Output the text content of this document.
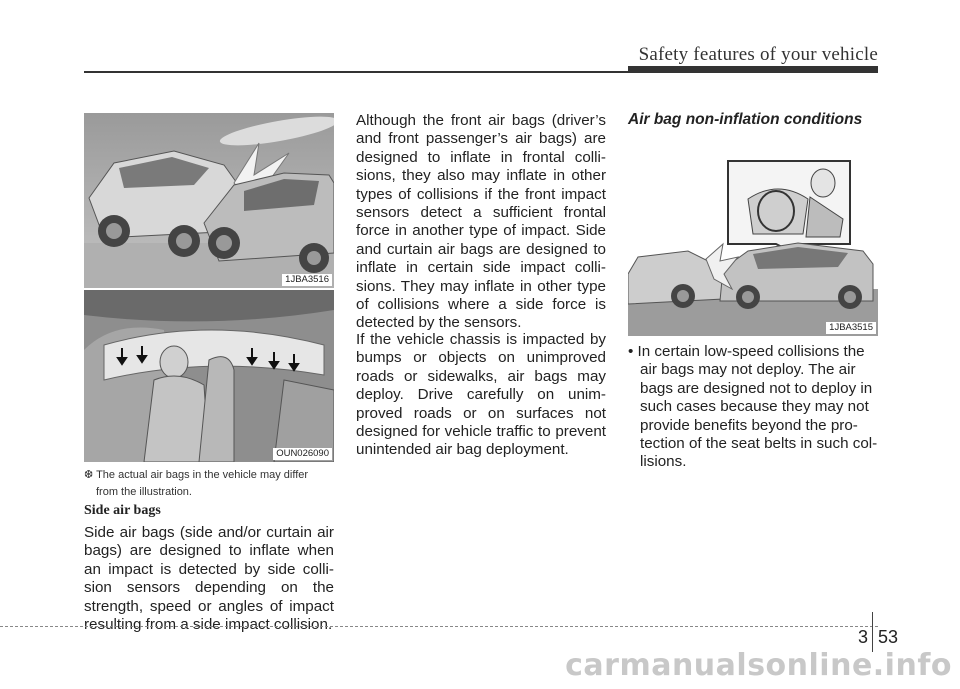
Safety features of your vehicle
1JBA3516
OUN026090
❆ The actual air bags in the vehicle may differ
from the illustration.
Side air bags
Side air bags (side and/or curtain air
bags) are designed to inflate when
an impact is detected by side colli-
sion sensors depending on the
strength, speed or angles of impact
resulting from a side impact collision.
Although the front air bags (driver’s
and front passenger’s air bags) are
designed to inflate in frontal colli-
sions, they also may inflate in other
types of collisions if the front impact
sensors detect a sufficient frontal
force in another type of impact. Side
and curtain air bags are designed to
inflate in certain side impact colli-
sions. They may inflate in other type
of collisions where a side force is
detected by the sensors.
If the vehicle chassis is impacted by
bumps or objects on unimproved
roads or sidewalks, air bags may
deploy. Drive carefully on unim-
proved roads or on surfaces not
designed for vehicle traffic to prevent
unintended air bag deployment.
Air bag non-inflation conditions
1JBA3515
• In certain low-speed collisions the
air bags may not deploy. The air
bags are designed not to deploy in
such cases because they may not
provide benefits beyond the pro-
tection of the seat belts in such col-
lisions.
3 53
carmanualsonline.info
